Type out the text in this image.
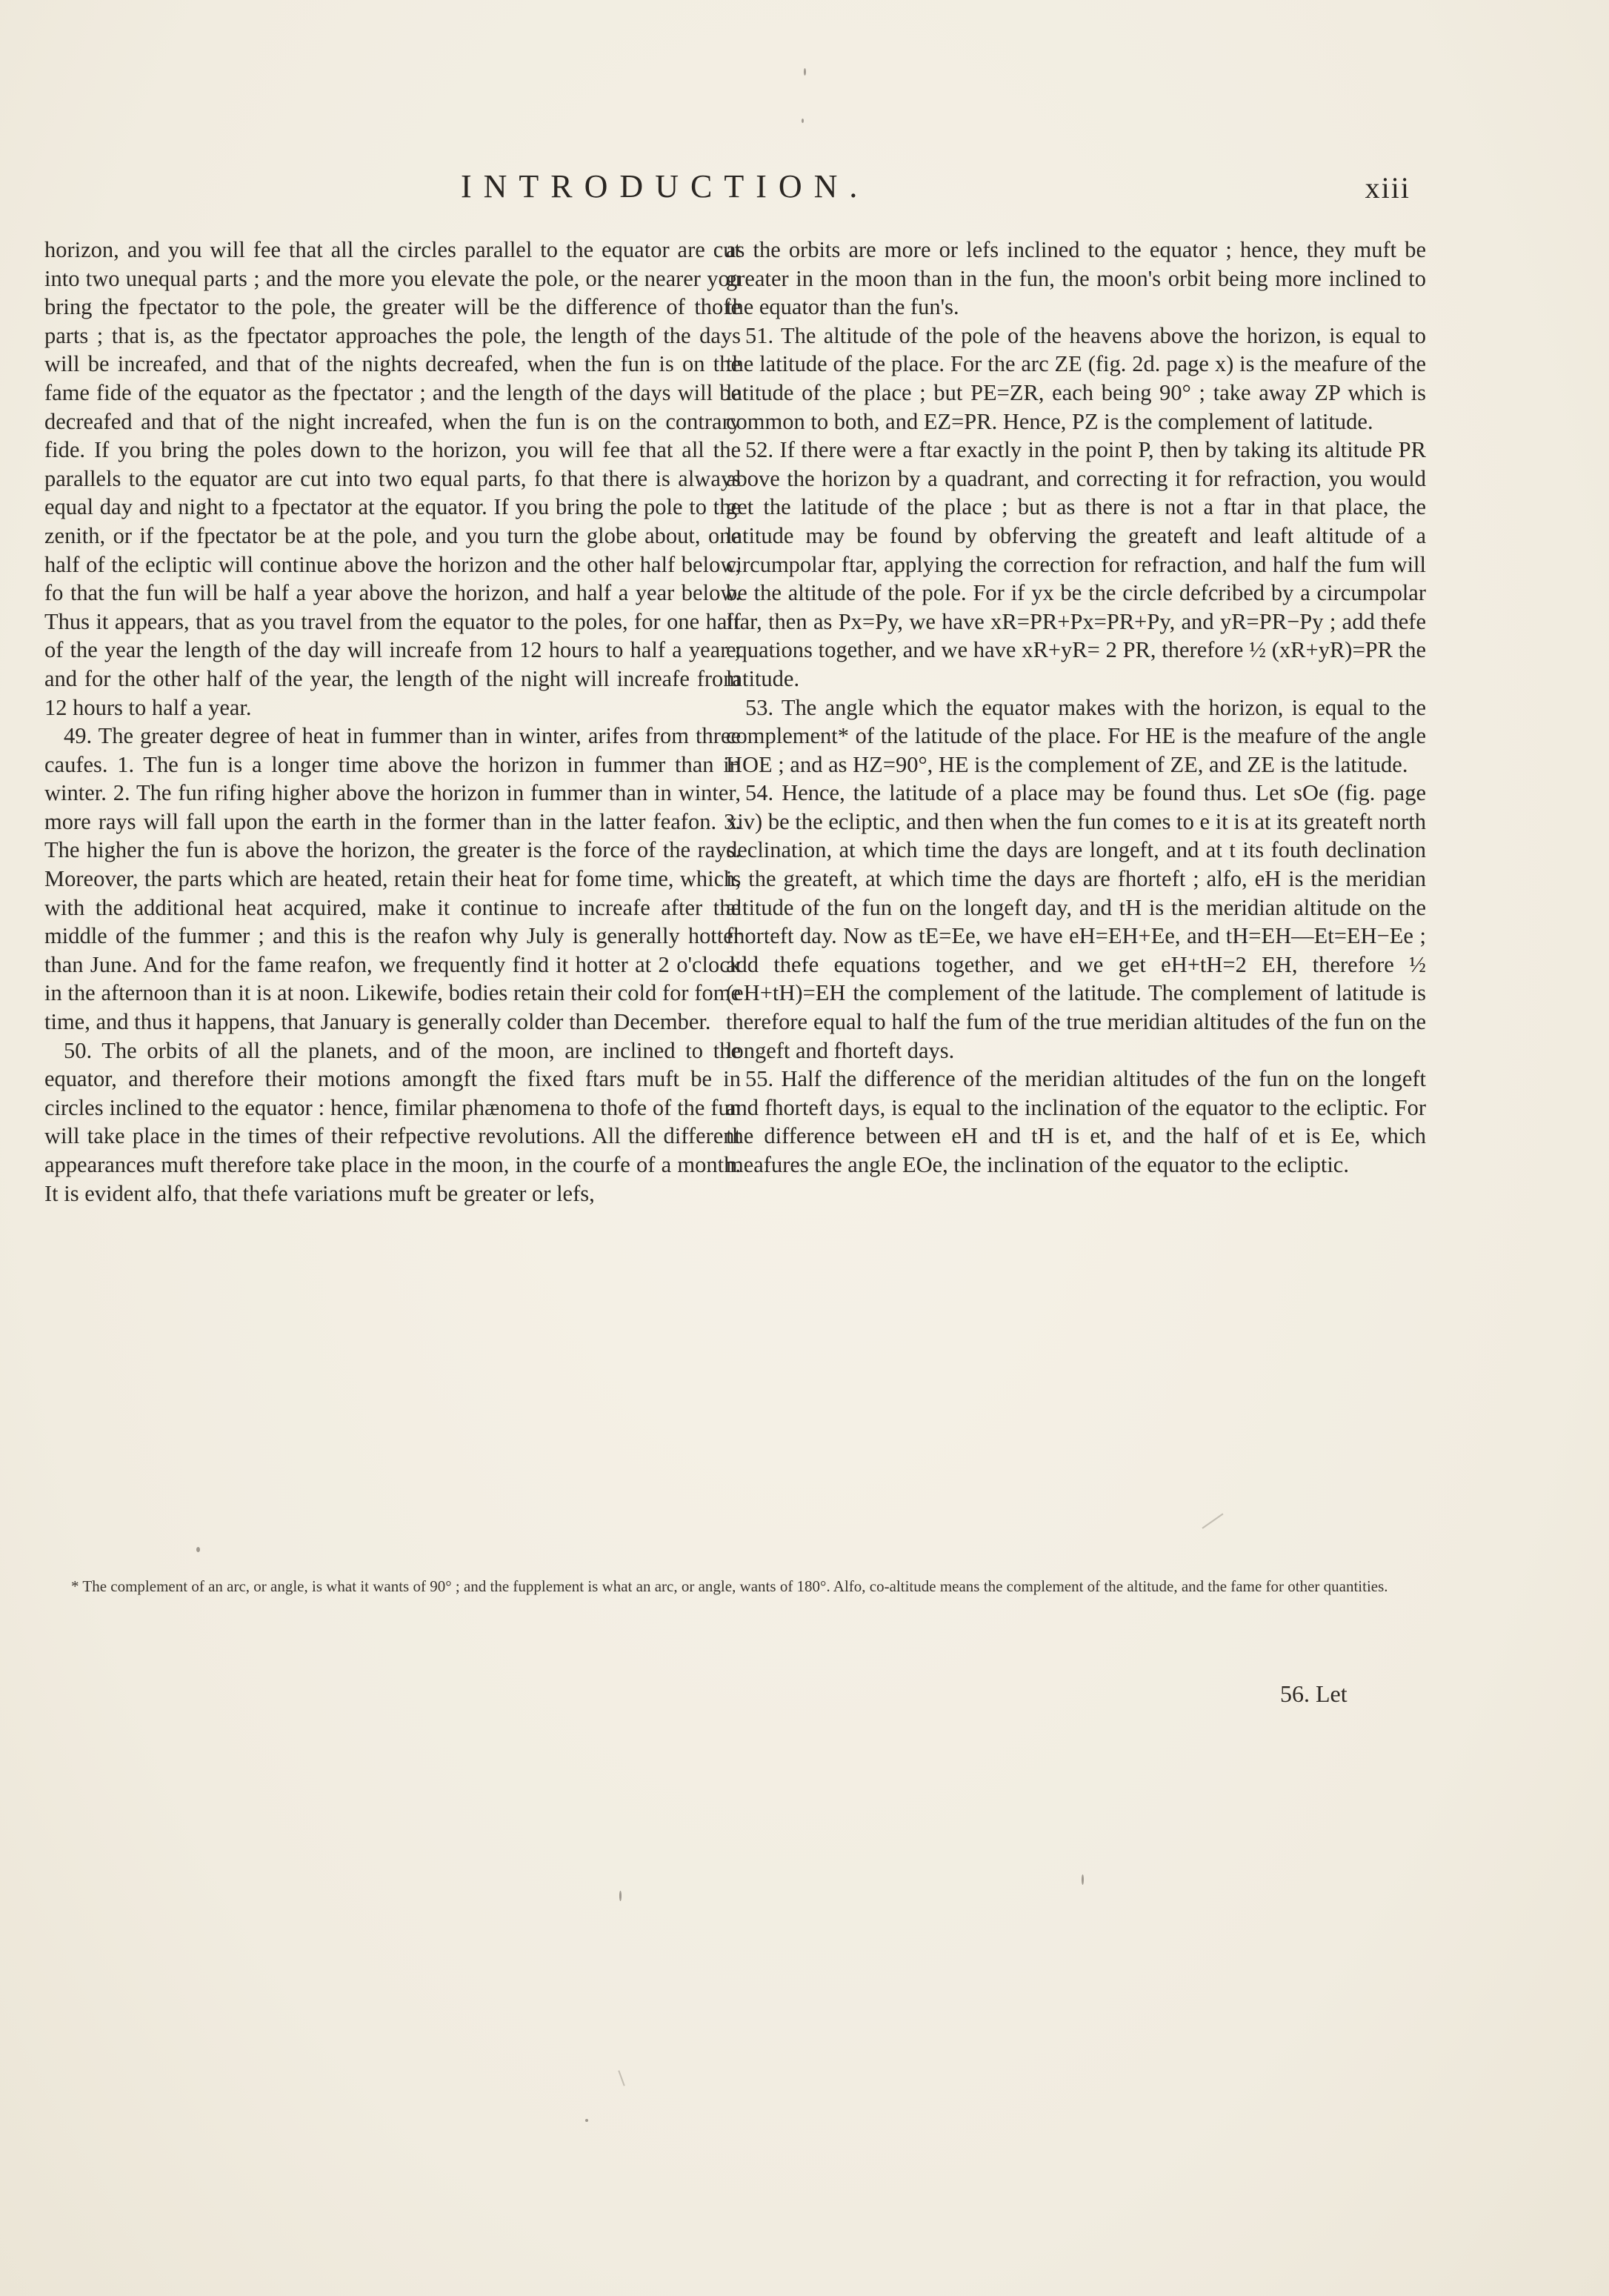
INTRODUCTION.	xiii

horizon, and you will fee that all the circles parallel to the equator are cut into two unequal parts ; and the more you elevate the pole, or the nearer you bring the fpectator to the pole, the greater will be the difference of thofe parts ; that is, as the fpectator approaches the pole, the length of the days will be increafed, and that of the nights decreafed, when the fun is on the fame fide of the equator as the fpectator ; and the length of the days will be decreafed and that of the night increafed, when the fun is on the contrary fide. If you bring the poles down to the horizon, you will fee that all the parallels to the equator are cut into two equal parts, fo that there is always equal day and night to a fpectator at the equator. If you bring the pole to the zenith, or if the fpectator be at the pole, and you turn the globe about, one half of the ecliptic will continue above the horizon and the other half below, fo that the fun will be half a year above the horizon, and half a year below. Thus it appears, that as you travel from the equator to the poles, for one half of the year the length of the day will increafe from 12 hours to half a year ; and for the other half of the year, the length of the night will increafe from 12 hours to half a year.

49. The greater degree of heat in fummer than in winter, arifes from three caufes. 1. The fun is a longer time above the horizon in fummer than in winter. 2. The fun rifing higher above the horizon in fummer than in winter, more rays will fall upon the earth in the former than in the latter feafon. 3. The higher the fun is above the horizon, the greater is the force of the rays. Moreover, the parts which are heated, retain their heat for fome time, which, with the additional heat acquired, make it continue to increafe after the middle of the fummer ; and this is the reafon why July is generally hotter than June. And for the fame reafon, we frequently find it hotter at 2 o'clock in the afternoon than it is at noon. Likewife, bodies retain their cold for fome time, and thus it happens, that January is generally colder than December.

50. The orbits of all the planets, and of the moon, are inclined to the equator, and therefore their motions amongft the fixed ftars muft be in circles inclined to the equator : hence, fimilar phænomena to thofe of the fun will take place in the times of their refpective revolutions. All the different appearances muft therefore take place in the moon, in the courfe of a month. It is evident alfo, that thefe variations muft be greater or lefs,

as the orbits are more or lefs inclined to the equator ; hence, they muft be greater in the moon than in the fun, the moon's orbit being more inclined to the equator than the fun's.

51. The altitude of the pole of the heavens above the horizon, is equal to the latitude of the place. For the arc ZE (fig. 2d. page x) is the meafure of the latitude of the place ; but PE=ZR, each being 90° ; take away ZP which is common to both, and EZ=PR. Hence, PZ is the complement of latitude.

52. If there were a ftar exactly in the point P, then by taking its altitude PR above the horizon by a quadrant, and correcting it for refraction, you would get the latitude of the place ; but as there is not a ftar in that place, the latitude may be found by obferving the greateft and leaft altitude of a circumpolar ftar, applying the correction for refraction, and half the fum will be the altitude of the pole. For if yx be the circle defcribed by a circumpolar ftar, then as Px=Py, we have xR=PR+Px=PR+Py, and yR=PR−Py ; add thefe equations together, and we have xR+yR= 2 PR, therefore ½ (xR+yR)=PR the latitude.

53. The angle which the equator makes with the horizon, is equal to the complement* of the latitude of the place. For HE is the meafure of the angle HOE ; and as HZ=90°, HE is the complement of ZE, and ZE is the latitude.

54. Hence, the latitude of a place may be found thus. Let sOe (fig. page xiv) be the ecliptic, and then when the fun comes to e it is at its greateft north declination, at which time the days are longeft, and at t its fouth declination is the greateft, at which time the days are fhorteft ; alfo, eH is the meridian altitude of the fun on the longeft day, and tH is the meridian altitude on the fhorteft day. Now as tE=Ee, we have eH=EH+Ee, and tH=EH—Et=EH−Ee ; add thefe equations together, and we get eH+tH=2 EH, therefore ½ (eH+tH)=EH the complement of the latitude. The complement of latitude is therefore equal to half the fum of the true meridian altitudes of the fun on the longeft and fhorteft days.

55. Half the difference of the meridian altitudes of the fun on the longeft and fhorteft days, is equal to the inclination of the equator to the ecliptic. For the difference between eH and tH is et, and the half of et is Ee, which meafures the angle EOe, the inclination of the equator to the ecliptic.

* The complement of an arc, or angle, is what it wants of 90° ; and the fupplement is what an arc, or angle, wants of 180°. Alfo, co-altitude means the complement of the altitude, and the fame for other quantities.
56. Let
